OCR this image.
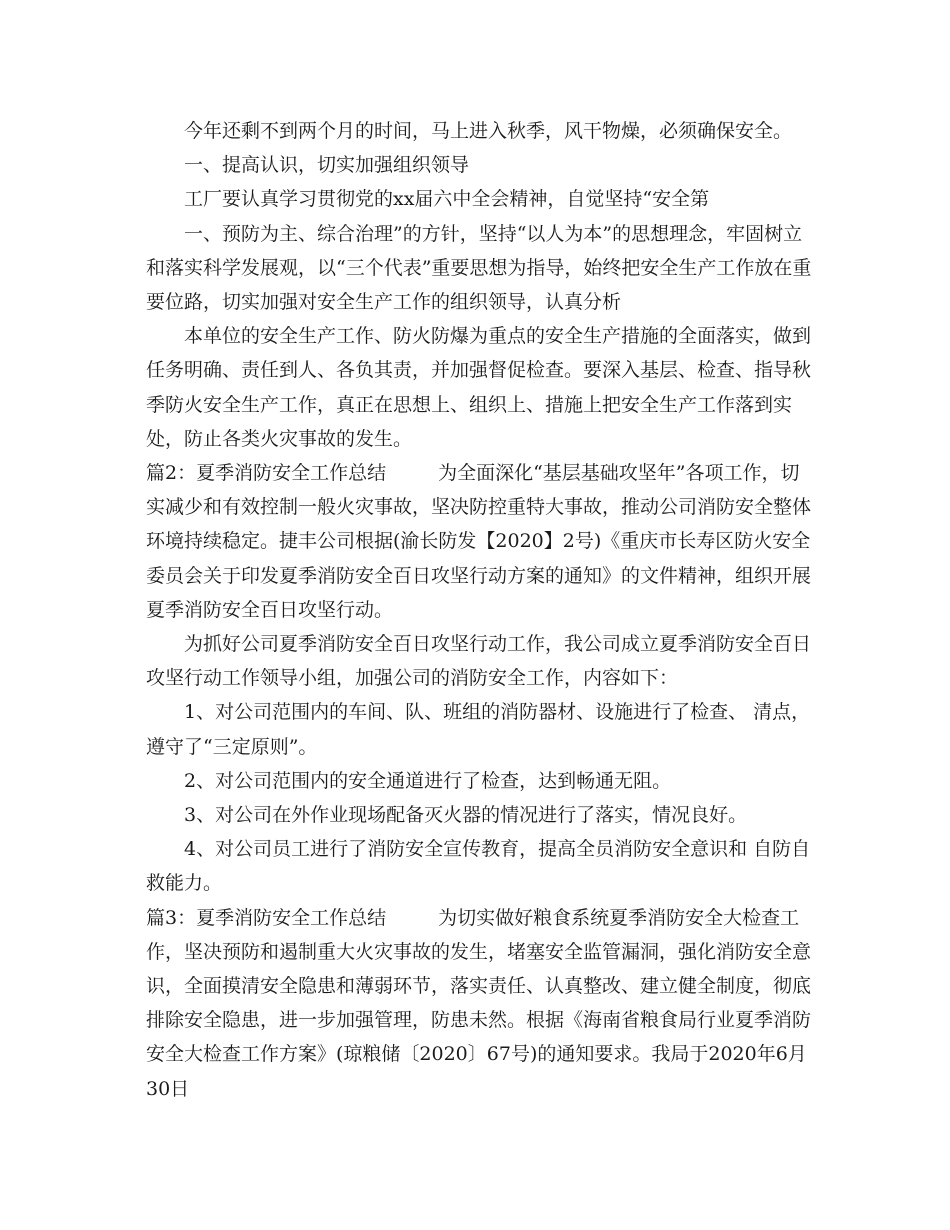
今年还剩不到两个月的时间，马上进入秋季，风干物燥，必须确保安全。

一、提高认识，切实加强组织领导

工厂要认真学习贯彻党的xx届六中全会精神，自觉坚持“安全第

一、预防为主、综合治理”的方针，坚持“以人为本”的思想理念，牢固树立和落实科学发展观，以“三个代表”重要思想为指导，始终把安全生产工作放在重要位路，切实加强对安全生产工作的组织领导，认真分析

本单位的安全生产工作、防火防爆为重点的安全生产措施的全面落实，做到任务明确、责任到人、各负其责，并加强督促检查。要深入基层、检查、指导秋季防火安全生产工作，真正在思想上、组织上、措施上把安全生产工作落到实处，防止各类火灾事故的发生。

篇2：夏季消防安全工作总结	为全面深化“基层基础攻坚年”各项工作，切实减少和有效控制一般火灾事故，坚决防控重特大事故，推动公司消防安全整体环境持续稳定。捷丰公司根据(渝长防发【2020】2号)《重庆市长寿区防火安全委员会关于印发夏季消防安全百日攻坚行动方案的通知》的文件精神，组织开展夏季消防安全百日攻坚行动。

为抓好公司夏季消防安全百日攻坚行动工作，我公司成立夏季消防安全百日攻坚行动工作领导小组，加强公司的消防安全工作，内容如下：

1、对公司范围内的车间、队、班组的消防器材、设施进行了检查、 清点，遵守了“三定原则”。

2、对公司范围内的安全通道进行了检查，达到畅通无阻。

3、对公司在外作业现场配备灭火器的情况进行了落实，情况良好。

4、对公司员工进行了消防安全宣传教育，提高全员消防安全意识和 自防自救能力。

篇3：夏季消防安全工作总结	为切实做好粮食系统夏季消防安全大检查工作，坚决预防和遏制重大火灾事故的发生，堵塞安全监管漏洞，强化消防安全意识，全面摸清安全隐患和薄弱环节，落实责任、认真整改、建立健全制度，彻底排除安全隐患，进一步加强管理，防患未然。根据《海南省粮食局行业夏季消防安全大检查工作方案》(琼粮储〔2020〕67号)的通知要求。我局于2020年6月30日
